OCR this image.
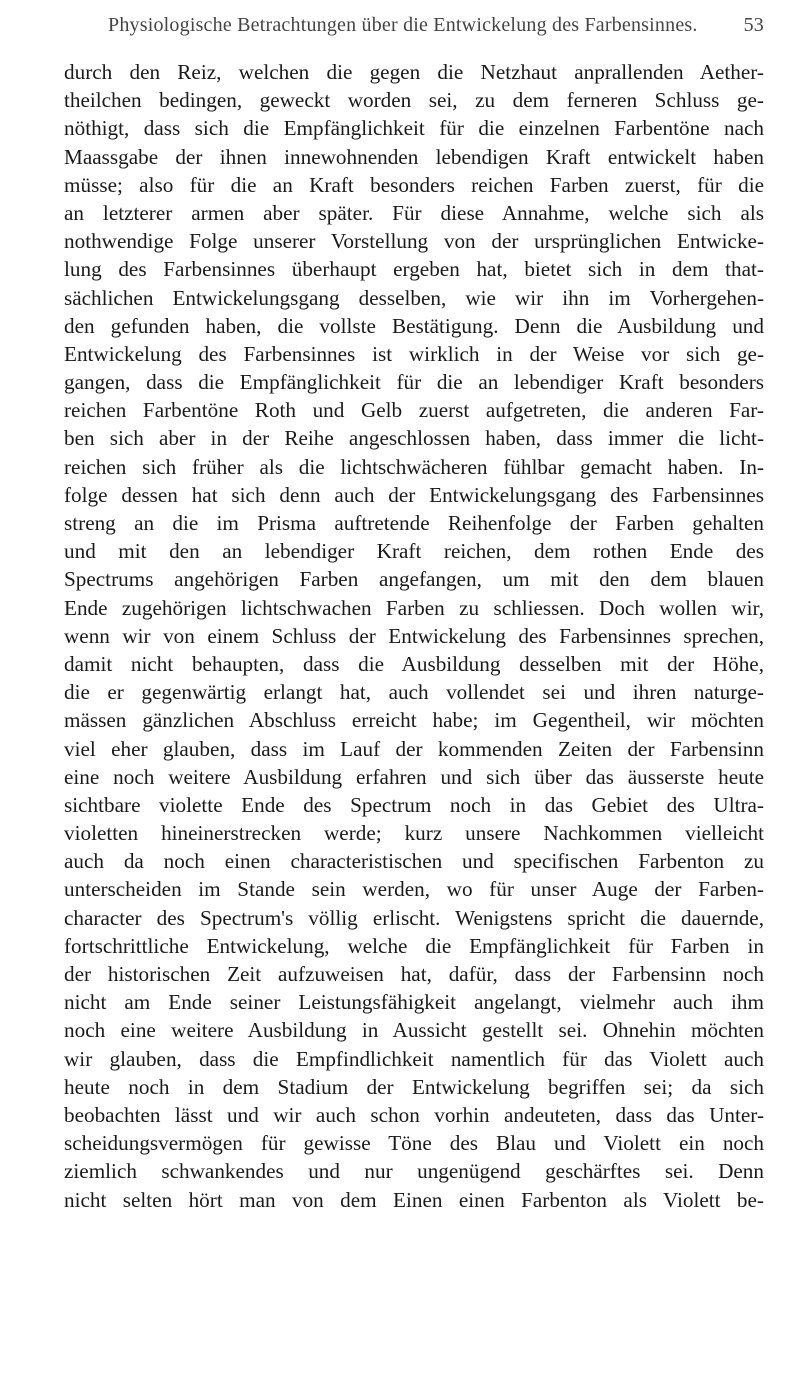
Physiologische Betrachtungen über die Entwickelung des Farbensinnes.	53
durch den Reiz, welchen die gegen die Netzhaut anprallenden Aether-
theilchen bedingen, geweckt worden sei, zu dem ferneren Schluss ge-
nöthigt, dass sich die Empfänglichkeit für die einzelnen Farbentöne nach
Maassgabe der ihnen innewohnenden lebendigen Kraft entwickelt haben
müsse; also für die an Kraft besonders reichen Farben zuerst, für die
an letzterer armen aber später. Für diese Annahme, welche sich als
nothwendige Folge unserer Vorstellung von der ursprünglichen Entwicke-
lung des Farbensinnes überhaupt ergeben hat, bietet sich in dem that-
sächlichen Entwickelungsgang desselben, wie wir ihn im Vorhergehen-
den gefunden haben, die vollste Bestätigung. Denn die Ausbildung und
Entwickelung des Farbensinnes ist wirklich in der Weise vor sich ge-
gangen, dass die Empfänglichkeit für die an lebendiger Kraft besonders
reichen Farbentöne Roth und Gelb zuerst aufgetreten, die anderen Far-
ben sich aber in der Reihe angeschlossen haben, dass immer die licht-
reichen sich früher als die lichtschwächeren fühlbar gemacht haben. In-
folge dessen hat sich denn auch der Entwickelungsgang des Farbensinnes
streng an die im Prisma auftretende Reihenfolge der Farben gehalten
und mit den an lebendiger Kraft reichen, dem rothen Ende des
Spectrums angehörigen Farben angefangen, um mit den dem blauen
Ende zugehörigen lichtschwachen Farben zu schliessen. Doch wollen wir,
wenn wir von einem Schluss der Entwickelung des Farbensinnes sprechen,
damit nicht behaupten, dass die Ausbildung desselben mit der Höhe,
die er gegenwärtig erlangt hat, auch vollendet sei und ihren naturge-
mässen gänzlichen Abschluss erreicht habe; im Gegentheil, wir möchten
viel eher glauben, dass im Lauf der kommenden Zeiten der Farbensinn
eine noch weitere Ausbildung erfahren und sich über das äusserste heute
sichtbare violette Ende des Spectrum noch in das Gebiet des Ultra-
violetten hineinerstrecken werde; kurz unsere Nachkommen vielleicht
auch da noch einen characteristischen und specifischen Farbenton zu
unterscheiden im Stande sein werden, wo für unser Auge der Farben-
character des Spectrum's völlig erlischt. Wenigstens spricht die dauernde,
fortschrittliche Entwickelung, welche die Empfänglichkeit für Farben in
der historischen Zeit aufzuweisen hat, dafür, dass der Farbensinn noch
nicht am Ende seiner Leistungsfähigkeit angelangt, vielmehr auch ihm
noch eine weitere Ausbildung in Aussicht gestellt sei. Ohnehin möchten
wir glauben, dass die Empfindlichkeit namentlich für das Violett auch
heute noch in dem Stadium der Entwickelung begriffen sei; da sich
beobachten lässt und wir auch schon vorhin andeuteten, dass das Unter-
scheidungsvermögen für gewisse Töne des Blau und Violett ein noch
ziemlich schwankendes und nur ungenügend geschärftes sei. Denn
nicht selten hört man von dem Einen einen Farbenton als Violett be-
